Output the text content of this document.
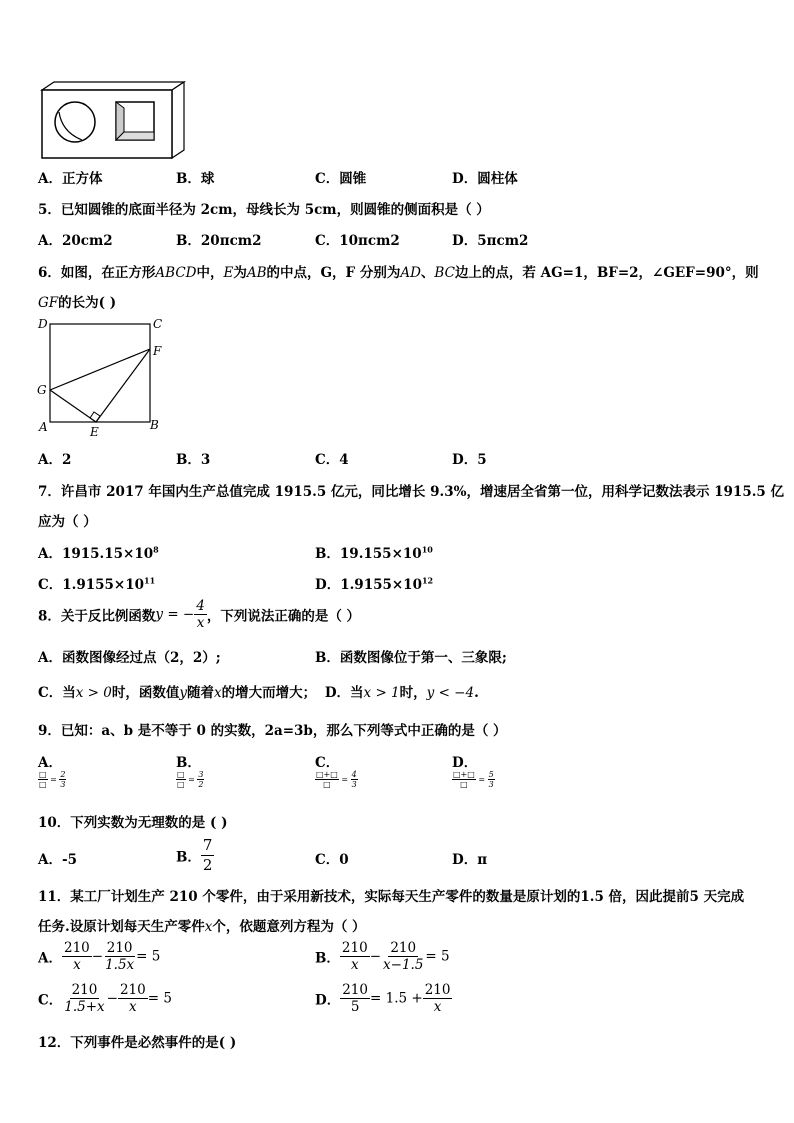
A．正方体	B．球	C．圆锥	D．圆柱体
5．已知圆锥的底面半径为 2cm，母线长为 5cm，则圆锥的侧面积是（ ）
A．20cm2	B．20πcm2	C．10πcm2	D．5πcm2
6．如图，在正方形ABCD中，E为AB的中点，G，F 分别为AD、BC边上的点，若 AG=1，BF=2，∠GEF=90°，则
GF的长为( )
D	C
F
G
A	E	B
A．2	B．3	C．4	D．5
7．许昌市 2017 年国内生产总值完成 1915.5 亿元，同比增长 9.3%，增速居全省第一位，用科学记数法表示 1915.5 亿
应为（ ）
A．$1915.15\times 10^8$	B．$19.155\times 10^{10}$
C．$1.9155\times 10^{11}$	D．$1.9155\times 10^{12}$
8．关于反比例函数y = − $\frac{4}{x}$ ，下列说法正确的是（ ）
A．函数图像经过点（2，2）;	B．函数图像位于第一、三象限;
C．当x > 0时，函数值y随着x的增大而增大； D．当x > 1时，y < −4.
9．已知：a、b 是不等于 0 的实数，2a=3b，那么下列等式中正确的是（ ）
A．

$\frac{□}{□} = \frac{2}{3}$
B．

$\frac{□}{□} = \frac{3}{2}$
C．

$\frac{□+□}{□} = \frac{4}{3}$
D．

$\frac{□+□}{□} = \frac{5}{3}$
10．下列实数为无理数的是 ( )
A．-5	B． $\frac{7}{2}$	C．0	D．π
11．某工厂计划生产 210 个零件，由于采用新技术，实际每天生产零件的数量是原计划的1.5 倍，因此提前5 天完成
任务.设原计划每天生产零件x个，依题意列方程为（ ）
A． $\frac{210}{x} - \frac{210}{1.5x} = 5$	B． $\frac{210}{x} - \frac{210}{x-1.5} = 5$
C． $\frac{210}{1.5+x} - \frac{210}{x} = 5$	D． $\frac{210}{5} = 1.5 + \frac{210}{x}$
12．下列事件是必然事件的是( )
